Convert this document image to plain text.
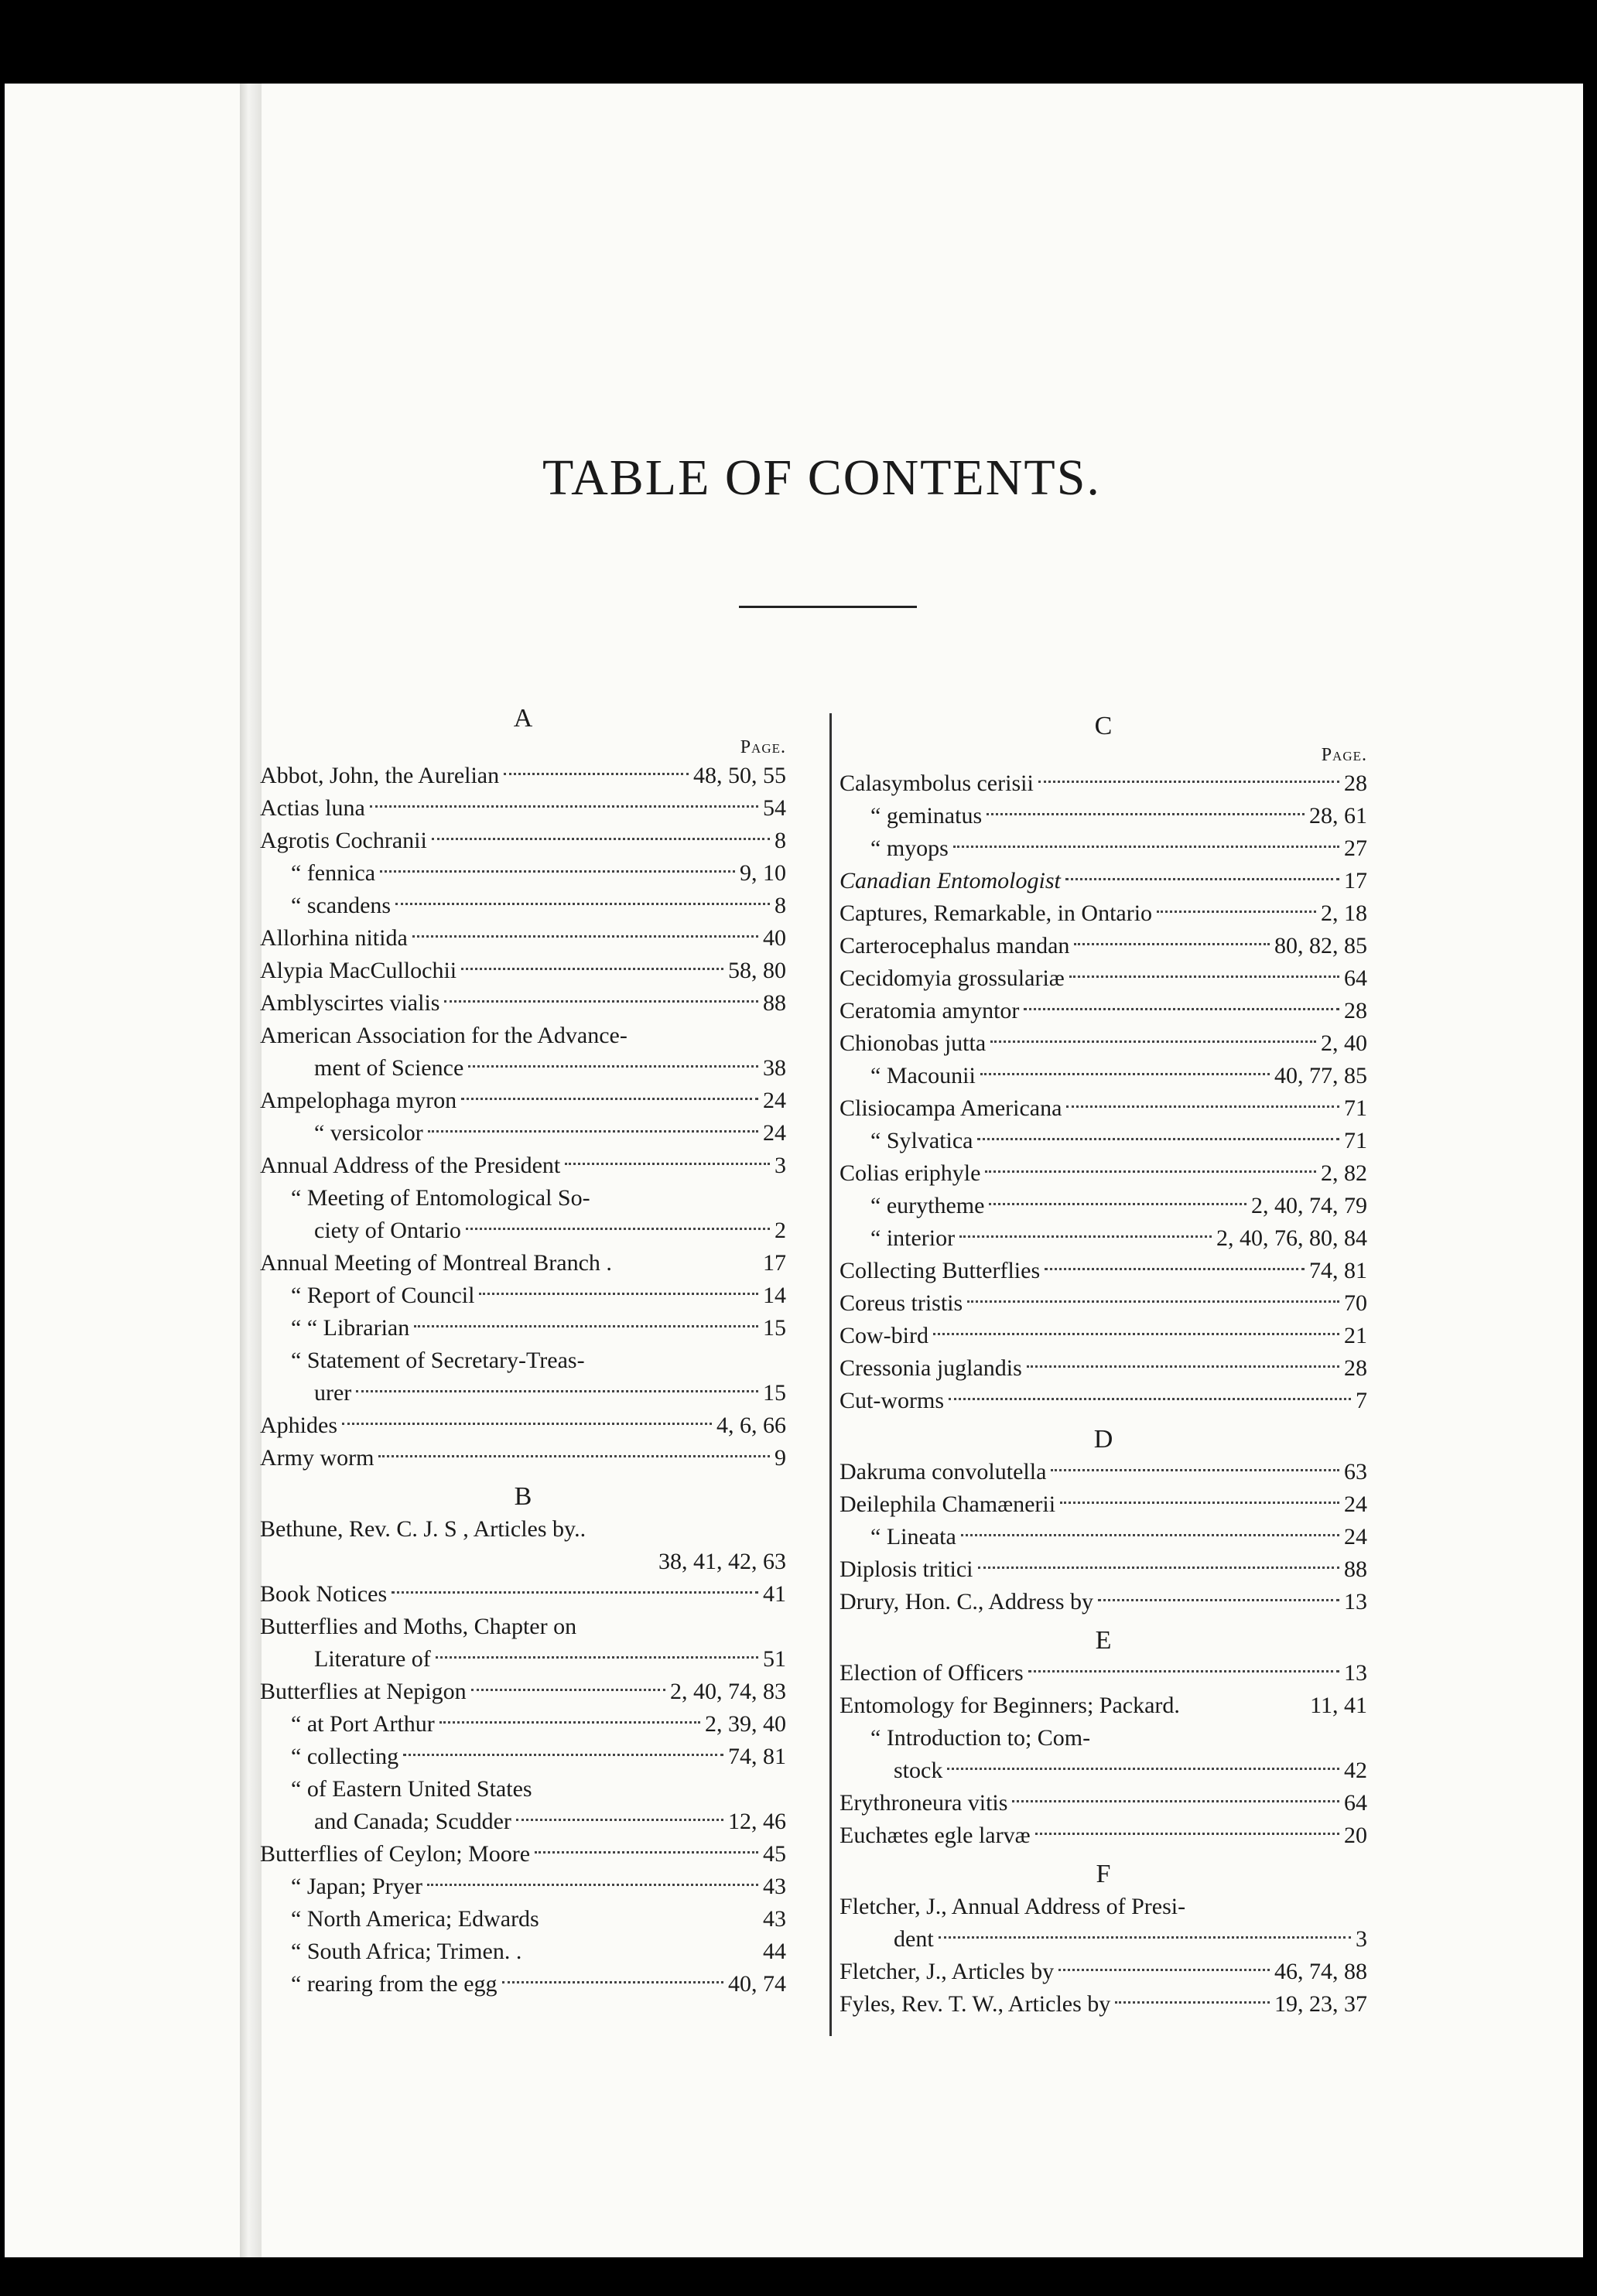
TABLE OF CONTENTS.
A
Page.
Abbot, John, the Aurelian	48, 50, 55
Actias luna	54
Agrotis Cochranii	8
“ fennica	9, 10
“ scandens	8
Allorhina nitida	40
Alypia MacCullochii	58, 80
Amblyscirtes vialis	88
American Association for the Advance-
ment of Science	38
Ampelophaga myron	24
“ versicolor	24
Annual Address of the President	3
“ Meeting of Entomological So-
ciety of Ontario	2
Annual Meeting of Montreal Branch .	17
“ Report of Council	14
“ “ Librarian	15
“ Statement of Secretary-Treas-
urer	15
Aphides	4, 6, 66
Army worm	9
B
Bethune, Rev. C. J. S , Articles by..
38, 41, 42, 63
Book Notices	41
Butterflies and Moths, Chapter on
Literature of	51
Butterflies at Nepigon	2, 40, 74, 83
“ at Port Arthur	2, 39, 40
“ collecting	74, 81
“ of Eastern United States
and Canada; Scudder	12, 46
Butterflies of Ceylon; Moore	45
“ Japan; Pryer	43
“ North America; Edwards	43
“ South Africa; Trimen. .	44
“ rearing from the egg	40, 74
C
Page.
Calasymbolus cerisii	28
“ geminatus	28, 61
“ myops	27
Canadian Entomologist	17
Captures, Remarkable, in Ontario	2, 18
Carterocephalus mandan	80, 82, 85
Cecidomyia grossulariæ	64
Ceratomia amyntor	28
Chionobas jutta	2, 40
“ Macounii	40, 77, 85
Clisiocampa Americana	71
“ Sylvatica	71
Colias eriphyle	2, 82
“ eurytheme	2, 40, 74, 79
“ interior	2, 40, 76, 80, 84
Collecting Butterflies	74, 81
Coreus tristis	70
Cow-bird	21
Cressonia juglandis	28
Cut-worms	7
D
Dakruma convolutella	63
Deilephila Chamænerii	24
“ Lineata	24
Diplosis tritici	88
Drury, Hon. C., Address by	13
E
Election of Officers	13
Entomology for Beginners; Packard.	11, 41
“ Introduction to; Com-
stock	42
Erythroneura vitis	64
Euchætes egle larvæ	20
F
Fletcher, J., Annual Address of Presi-
dent	3
Fletcher, J., Articles by	46, 74, 88
Fyles, Rev. T. W., Articles by	19, 23, 37
